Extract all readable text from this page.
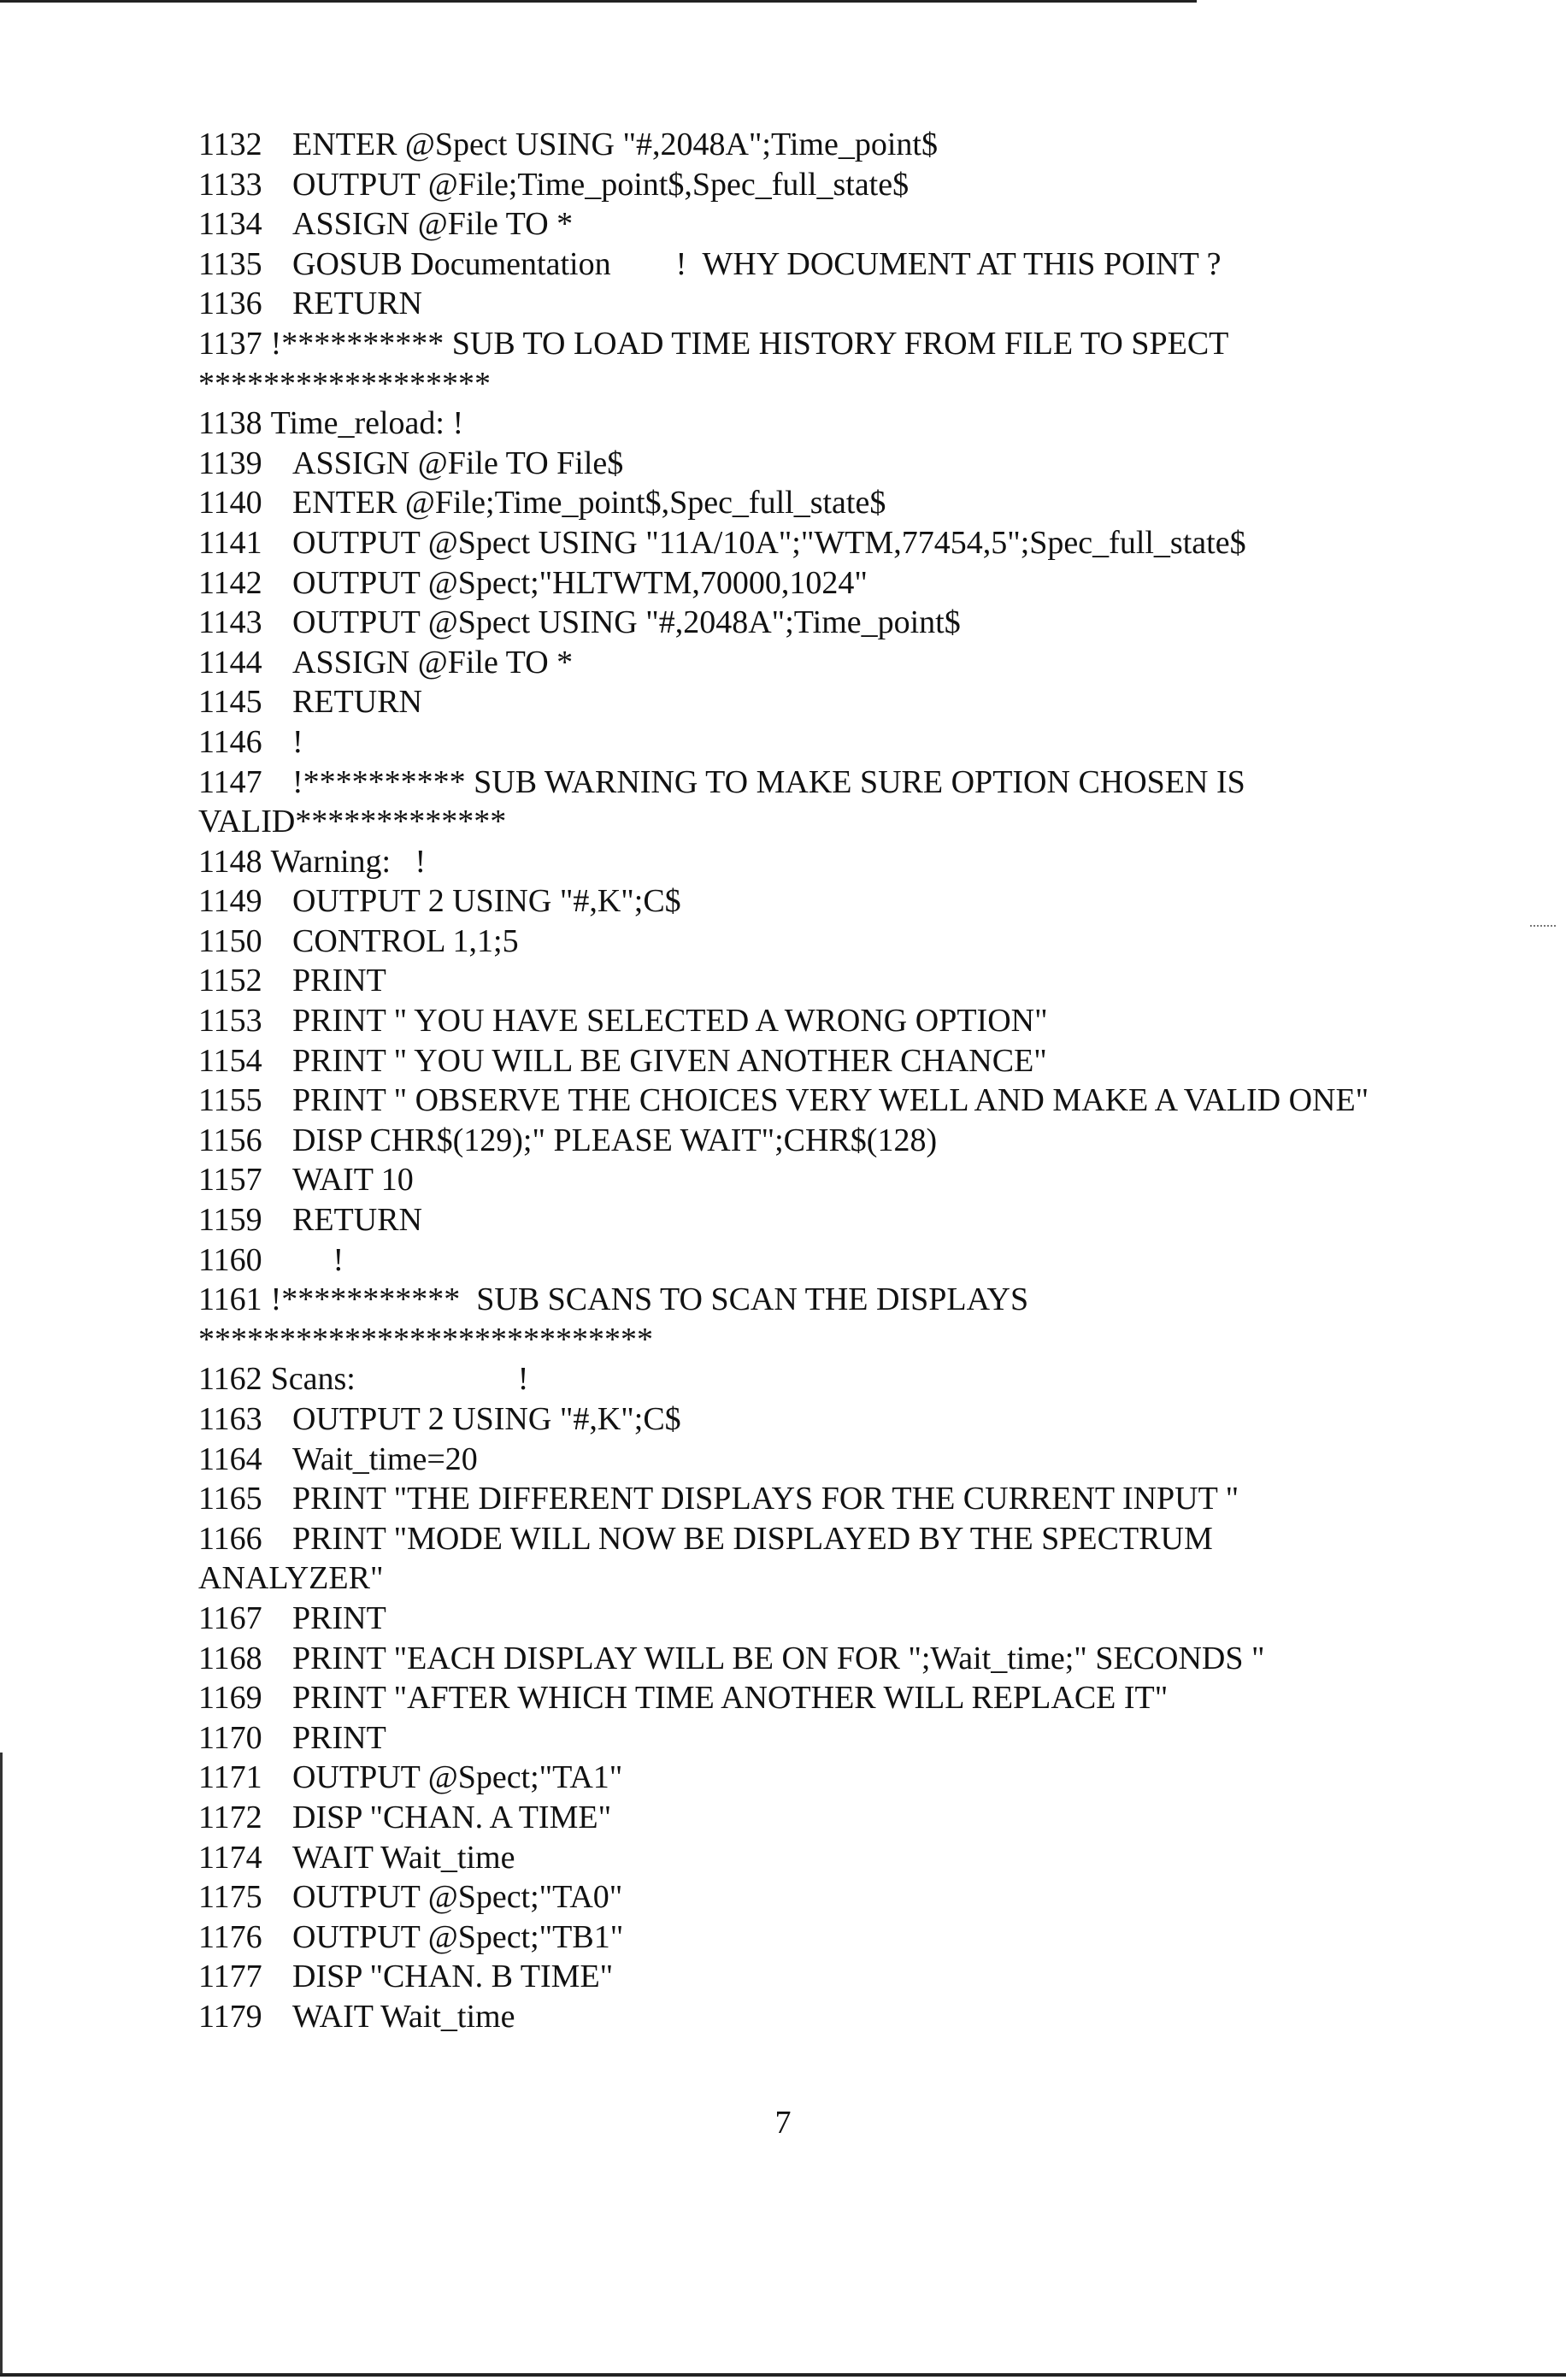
1132 ENTER @Spect USING "#,2048A";Time_point$
1133 OUTPUT @File;Time_point$,Spec_full_state$
1134 ASSIGN @File TO *
1135 GOSUB Documentation        !  WHY DOCUMENT AT THIS POINT ?
1136 RETURN
1137 !********** SUB TO LOAD TIME HISTORY FROM FILE TO SPECT
******************
1138 Time_reload: !
1139 ASSIGN @File TO File$
1140 ENTER @File;Time_point$,Spec_full_state$
1141 OUTPUT @Spect USING "11A/10A";"WTM,77454,5";Spec_full_state$
1142 OUTPUT @Spect;"HLTWTM,70000,1024"
1143 OUTPUT @Spect USING "#,2048A";Time_point$
1144 ASSIGN @File TO *
1145 RETURN
1146 !
1147 !********** SUB WARNING TO MAKE SURE OPTION CHOSEN IS
VALID*************
1148 Warning:   !
1149 OUTPUT 2 USING "#,K";C$
1150 CONTROL 1,1;5
1152 PRINT
1153 PRINT " YOU HAVE SELECTED A WRONG OPTION"
1154 PRINT " YOU WILL BE GIVEN ANOTHER CHANCE"
1155 PRINT " OBSERVE THE CHOICES VERY WELL AND MAKE A VALID ONE"
1156 DISP CHR$(129);" PLEASE WAIT";CHR$(128)
1157 WAIT 10
1159 RETURN
1160 !
1161 !***********  SUB SCANS TO SCAN THE DISPLAYS
****************************
1162 Scans:                    !
1163 OUTPUT 2 USING "#,K";C$
1164 Wait_time=20
1165 PRINT "THE DIFFERENT DISPLAYS FOR THE CURRENT INPUT "
1166 PRINT "MODE WILL NOW BE DISPLAYED BY THE SPECTRUM
ANALYZER"
1167 PRINT
1168 PRINT "EACH DISPLAY WILL BE ON FOR ";Wait_time;" SECONDS "
1169 PRINT "AFTER WHICH TIME ANOTHER WILL REPLACE IT"
1170 PRINT
1171 OUTPUT @Spect;"TA1"
1172 DISP "CHAN. A TIME"
1174 WAIT Wait_time
1175 OUTPUT @Spect;"TA0"
1176 OUTPUT @Spect;"TB1"
1177 DISP "CHAN. B TIME"
1179 WAIT Wait_time
7
